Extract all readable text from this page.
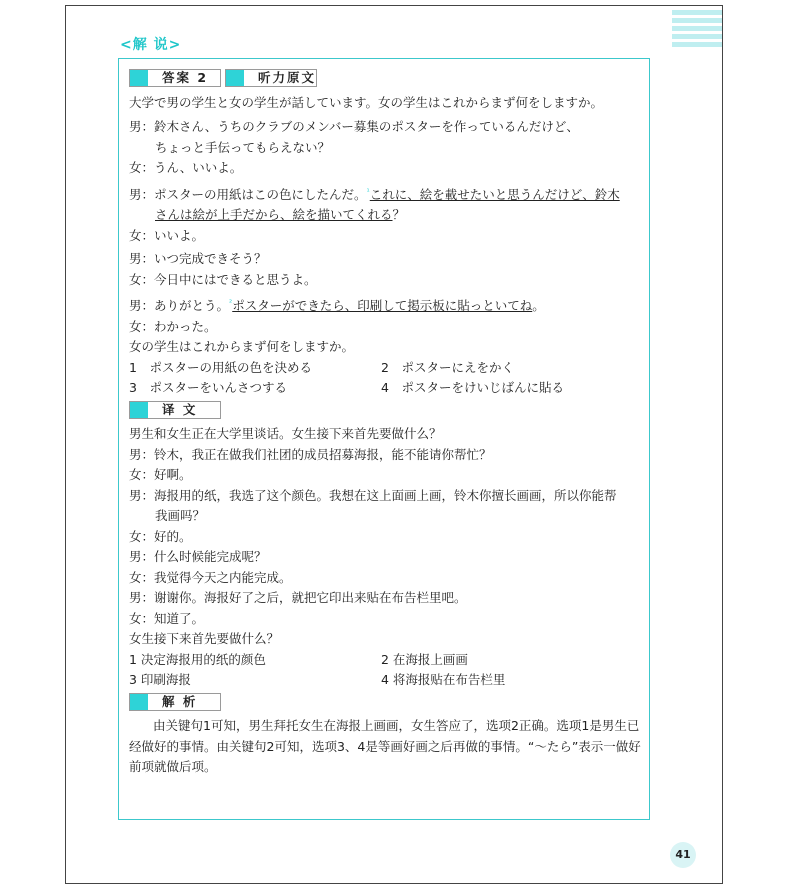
<解 说>
答案 2
	听力原文

大学で男の学生と女の学生が話しています。女の学生はこれからまず何をしますか。

男：鈴木さん、うちのクラブのメンバー募集のポスターを作っているんだけど、

ちょっと手伝ってもらえない？

女：うん、いいよ。

男：ポスターの用紙はこの色にしたんだ。$^{^1}$これに、絵を載せたいと思うんだけど、鈴木

さんは絵が上手だから、絵を描いてくれる？

女：いいよ。

男：いつ完成できそう？

女：今日中にはできると思うよ。

男：ありがとう。$^{^2}$ポスターができたら、印刷して掲示板に貼っといてね。

女：わかった。

女の学生はこれからまず何をしますか。

1　ポスターの用紙の色を決める	2　ポスターにえをかく
3　ポスターをいんさつする	4　ポスターをけいじばんに貼る
译 文

男生和女生正在大学里谈话。女生接下来首先要做什么？

男：铃木，我正在做我们社团的成员招募海报，能不能请你帮忙？

女：好啊。

男：海报用的纸，我选了这个颜色。我想在这上面画上画，铃木你擅长画画，所以你能帮

我画吗？

女：好的。

男：什么时候能完成呢？

女：我觉得今天之内能完成。

男：谢谢你。海报好了之后，就把它印出来贴在布告栏里吧。

女：知道了。

女生接下来首先要做什么？

1 决定海报用的纸的颜色	2 在海报上画画
3 印刷海报	4 将海报贴在布告栏里
解 析

由关键句1可知，男生拜托女生在海报上画画，女生答应了，选项2正确。选项1是男生已经做好的事情。由关键句2可知，选项3、4是等画好画之后再做的事情。“～たら”表示一做好前项就做后项。

41
